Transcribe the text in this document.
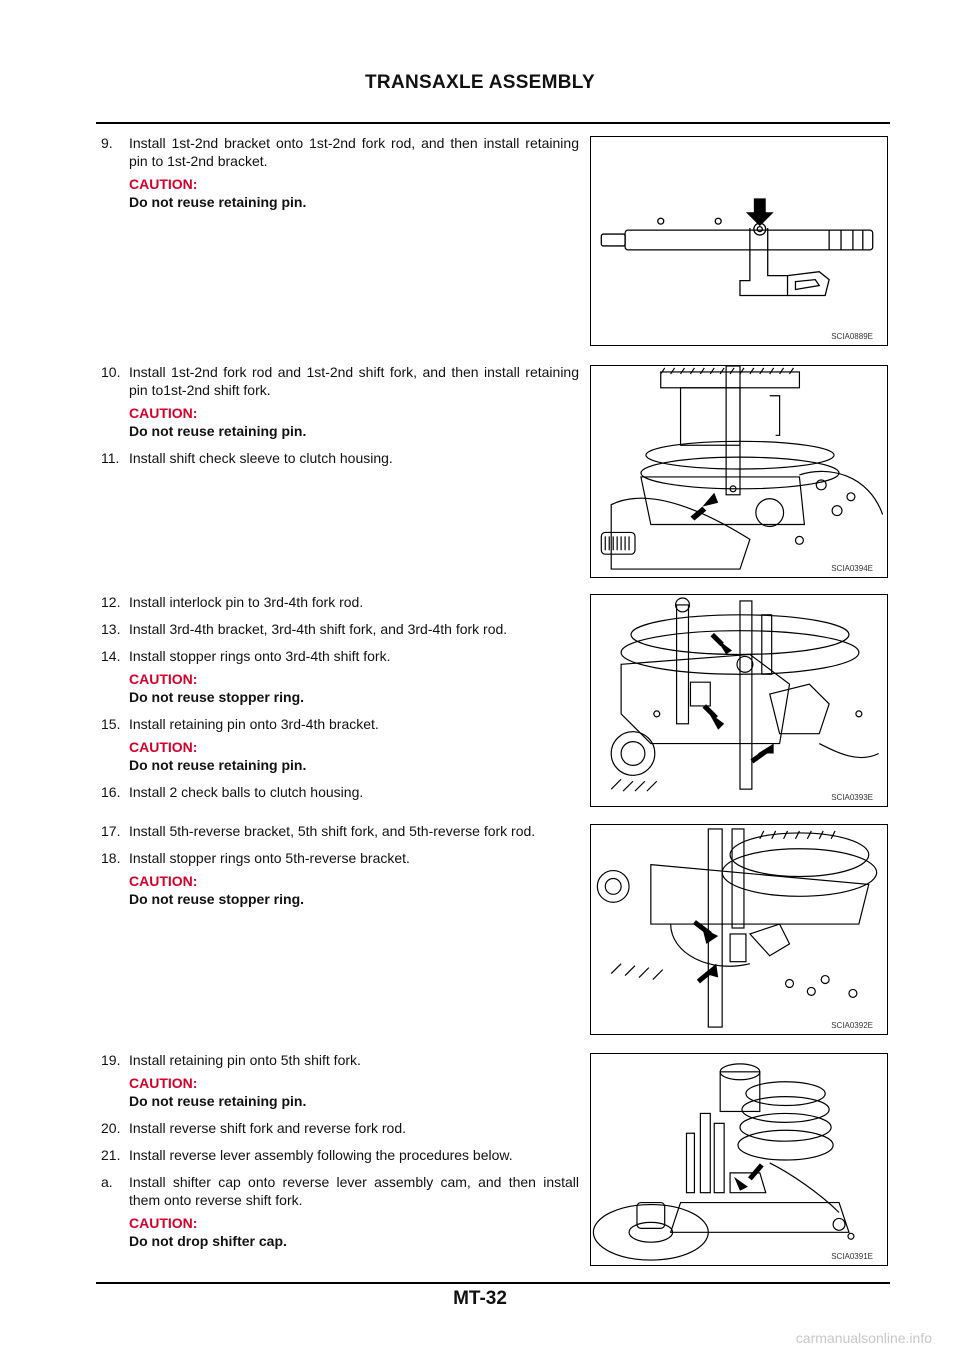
TRANSAXLE ASSEMBLY
9. Install 1st-2nd bracket onto 1st-2nd fork rod, and then install retaining pin to 1st-2nd bracket.
CAUTION:
Do not reuse retaining pin.
10. Install 1st-2nd fork rod and 1st-2nd shift fork, and then install retaining pin to1st-2nd shift fork.
CAUTION:
Do not reuse retaining pin.
11. Install shift check sleeve to clutch housing.
12. Install interlock pin to 3rd-4th fork rod.
13. Install 3rd-4th bracket, 3rd-4th shift fork, and 3rd-4th fork rod.
14. Install stopper rings onto 3rd-4th shift fork.
CAUTION:
Do not reuse stopper ring.
15. Install retaining pin onto 3rd-4th bracket.
CAUTION:
Do not reuse retaining pin.
16. Install 2 check balls to clutch housing.
17. Install 5th-reverse bracket, 5th shift fork, and 5th-reverse fork rod.
18. Install stopper rings onto 5th-reverse bracket.
CAUTION:
Do not reuse stopper ring.
19. Install retaining pin onto 5th shift fork.
CAUTION:
Do not reuse retaining pin.
20. Install reverse shift fork and reverse fork rod.
21. Install reverse lever assembly following the procedures below.
a. Install shifter cap onto reverse lever assembly cam, and then install them onto reverse shift fork.
CAUTION:
Do not drop shifter cap.
SCIA0889E
SCIA0394E
SCIA0393E
SCIA0392E
SCIA0391E
MT-32
carmanualsonline.info
